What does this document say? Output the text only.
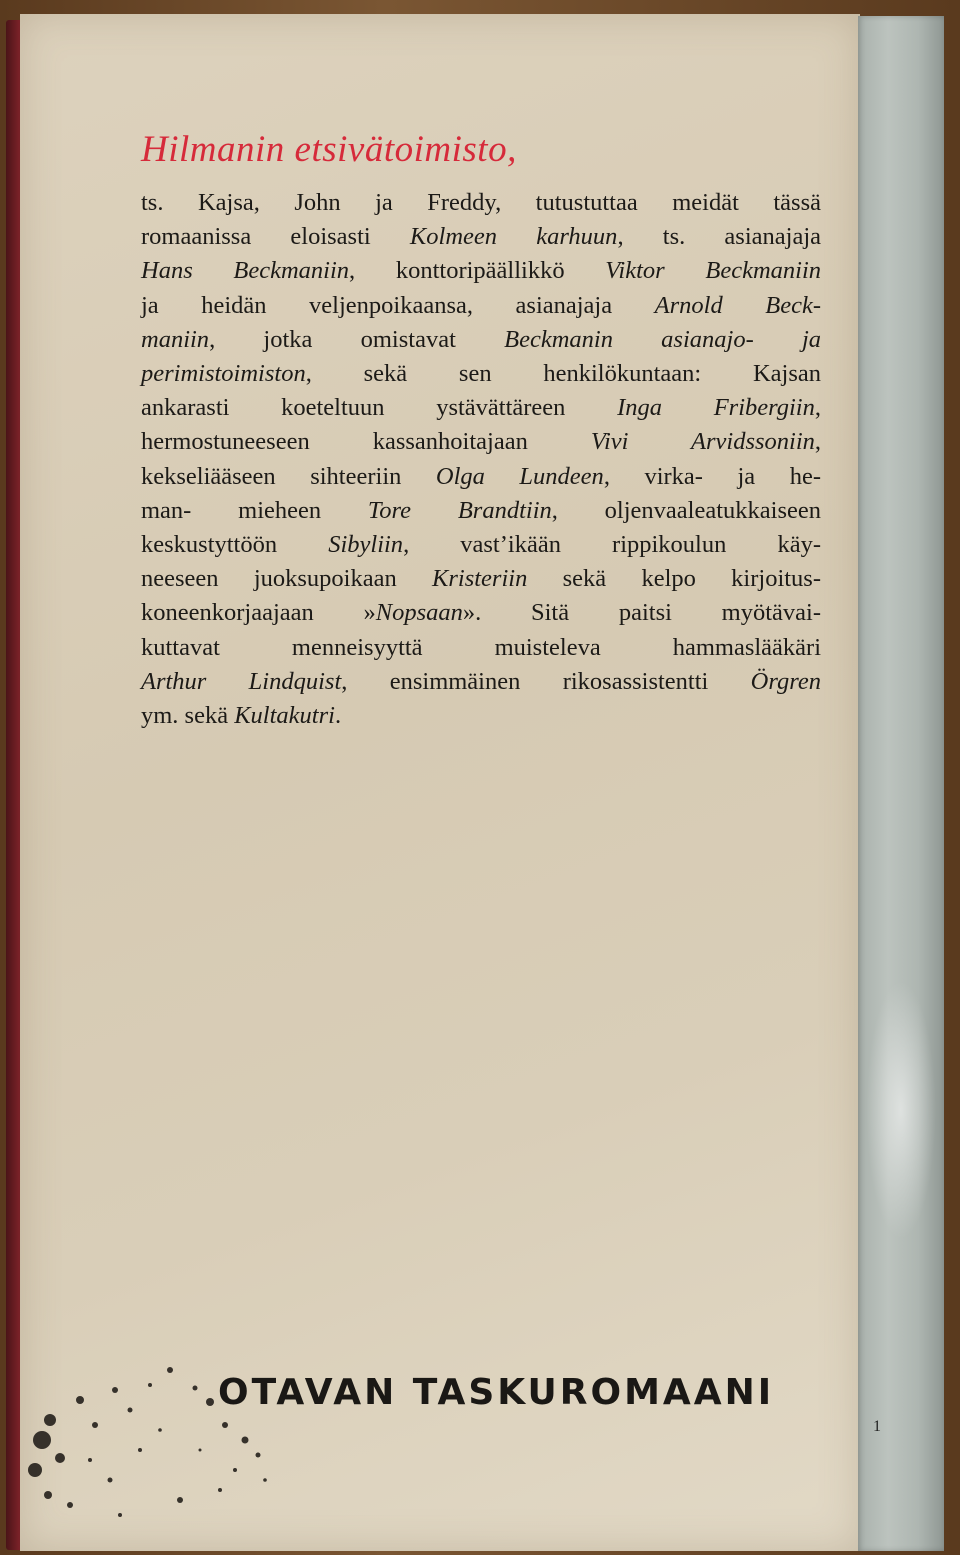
1
Hilmanin etsivätoimisto,

ts. Kajsa, John ja Freddy, tutustuttaa meidät tässä
romaanissa eloisasti Kolmeen karhuun, ts. asianajaja
Hans Beckmaniin, konttoripäällikkö Viktor Beckmaniin
ja heidän veljenpoikaansa, asianajaja Arnold Beck-
maniin, jotka omistavat Beckmanin asianajo- ja
perimistoimiston, sekä sen henkilökuntaan: Kajsan
ankarasti koeteltuun ystävättäreen Inga Fribergiin,
hermostuneeseen kassanhoitajaan Vivi Arvidssoniin,
kekseliääseen sihteeriin Olga Lundeen, virka- ja he-
man- mieheen Tore Brandtiin, oljenvaaleatukkaiseen
keskustyttöön Sibyliin, vast’ikään rippikoulun käy-
neeseen juoksupoikaan Kristeriin sekä kelpo kirjoitus-
koneenkorjaajaan »Nopsaan». Sitä paitsi myötävai-
kuttavat menneisyyttä muisteleva hammaslääkäri
Arthur Lindquist, ensimmäinen rikosassistentti Örgren
ym. sekä Kultakutri.

OTAVAN TASKUROMAANI
